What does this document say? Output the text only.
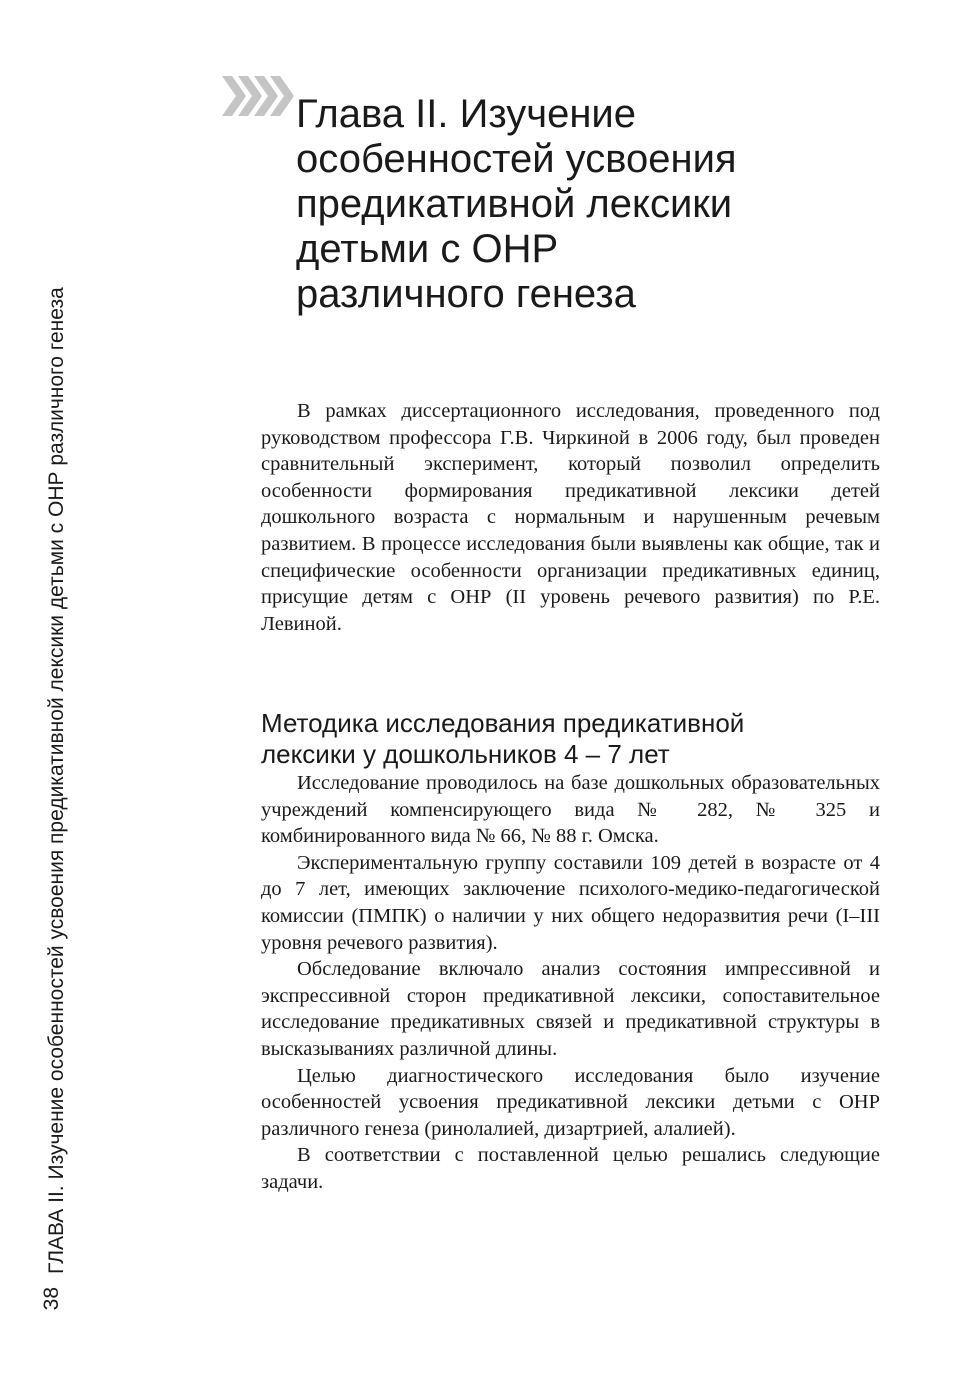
Глава II. Изучение
особенностей усвоения
предикативной лексики
детьми с ОНР
различного генеза

В рамках диссертационного исследования, проведенного под руководством профессора Г.В. Чиркиной в 2006 году, был проведен сравнительный эксперимент, который позволил определить особенности формирования предикативной лексики детей дошкольного возраста с нормальным и нарушенным речевым развитием. В процессе исследования были выявлены как общие, так и специфические особенности организации предикативных единиц, присущие детям с ОНР (II уровень речевого развития) по Р.Е. Левиной.

Методика исследования предикативной
лексики у дошкольников 4 – 7 лет

Исследование проводилось на базе дошкольных образовательных учреждений компенсирующего вида № 282, № 325 и комбинированного вида № 66, № 88 г. Омска.

Экспериментальную группу составили 109 детей в возрасте от 4 до 7 лет, имеющих заключение психолого-медико-педагогической комиссии (ПМПК) о наличии у них общего недоразвития речи (I–III уровня речевого развития).

Обследование включало анализ состояния импрессивной и экспрессивной сторон предикативной лексики, сопоставительное исследование предикативных связей и предикативной структуры в высказываниях различной длины.

Целью диагностического исследования было изучение особенностей усвоения предикативной лексики детьми с ОНР различного генеза (ринолалией, дизартрией, алалией).

В соответствии с поставленной целью решались следующие задачи.

ГЛАВА II. Изучение особенностей усвоения предикативной лексики детьми с ОНР различного генеза
38
